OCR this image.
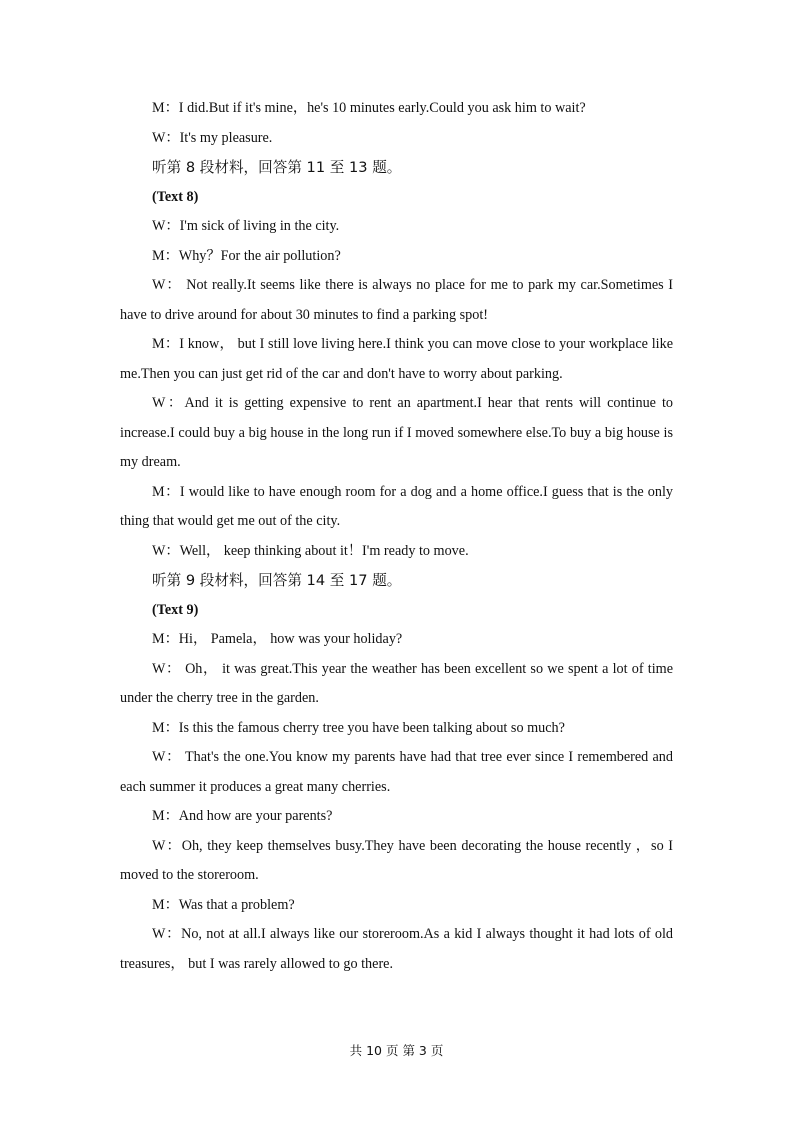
M：I did.But if it's mine，he's 10 minutes early.Could you ask him to wait?

W：It's my pleasure.

听第 8 段材料，回答第 11 至 13 题。

(Text 8)

W：I'm sick of living in the city.

M：Why？For the air pollution?

W： Not really.It seems like there is always no place for me to park my car.Sometimes I have to drive around for about 30 minutes to find a parking spot!

M：I know， but I still love living here.I think you can move close to your workplace like me.Then you can just get rid of the car and don't have to worry about parking.

W：And it is getting expensive to rent an apartment.I hear that rents will continue to increase.I could buy a big house in the long run if I moved somewhere else.To buy a big house is my dream.

M：I would like to have enough room for a dog and a home office.I guess that is the only thing that would get me out of the city.

W：Well， keep thinking about it！I'm ready to move.

听第 9 段材料，回答第 14 至 17 题。

(Text 9)

M：Hi， Pamela， how was your holiday?

W： Oh， it was great.This year the weather has been excellent so we spent a lot of time under the cherry tree in the garden.

M：Is this the famous cherry tree you have been talking about so much?

W： That's the one.You know my parents have had that tree ever since I remembered and each summer it produces a great many cherries.

M：And how are your parents?

W：Oh, they keep themselves busy.They have been decorating the house recently ，so I moved to the storeroom.

M：Was that a problem?

W：No, not at all.I always like our storeroom.As a kid I always thought it had lots of old treasures， but I was rarely allowed to go there.

共 10 页 第 3 页
